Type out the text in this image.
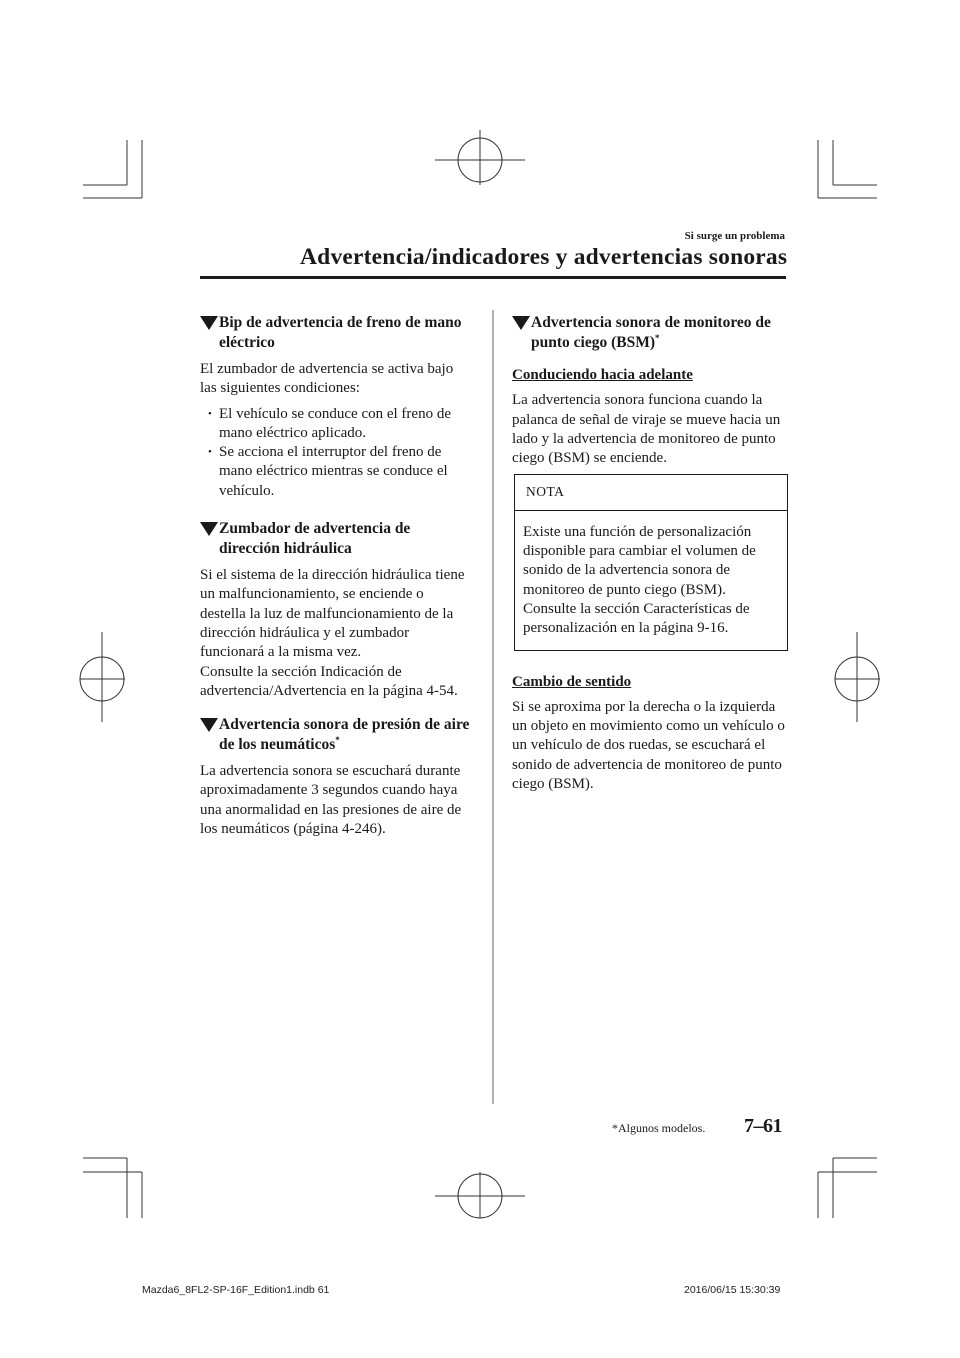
Si surge un problema
Advertencia/indicadores y advertencias sonoras
Bip de advertencia de freno de mano eléctrico

El zumbador de advertencia se activa bajo las siguientes condiciones:

• El vehículo se conduce con el freno de mano eléctrico aplicado.
• Se acciona el interruptor del freno de mano eléctrico mientras se conduce el vehículo.
Zumbador de advertencia de dirección hidráulica

Si el sistema de la dirección hidráulica tiene un malfuncionamiento, se enciende o destella la luz de malfuncionamiento de la dirección hidráulica y el zumbador funcionará a la misma vez.

Consulte la sección Indicación de advertencia/Advertencia en la página 4-54.

Advertencia sonora de presión de aire de los neumáticos*

La advertencia sonora se escuchará durante aproximadamente 3 segundos cuando haya una anormalidad en las presiones de aire de los neumáticos (página 4-246).

Advertencia sonora de monitoreo de punto ciego (BSM)*
Conduciendo hacia adelante

La advertencia sonora funciona cuando la palanca de señal de viraje se mueve hacia un lado y la advertencia de monitoreo de punto ciego (BSM) se enciende.

NOTA
Existe una función de personalización disponible para cambiar el volumen de sonido de la advertencia sonora de monitoreo de punto ciego (BSM). Consulte la sección Características de personalización en la página 9-16.
Cambio de sentido

Si se aproxima por la derecha o la izquierda un objeto en movimiento como un vehículo o un vehículo de dos ruedas, se escuchará el sonido de advertencia de monitoreo de punto ciego (BSM).

*Algunos modelos. 7–61
Mazda6_8FL2-SP-16F_Edition1.indb 61	2016/06/15 15:30:39
